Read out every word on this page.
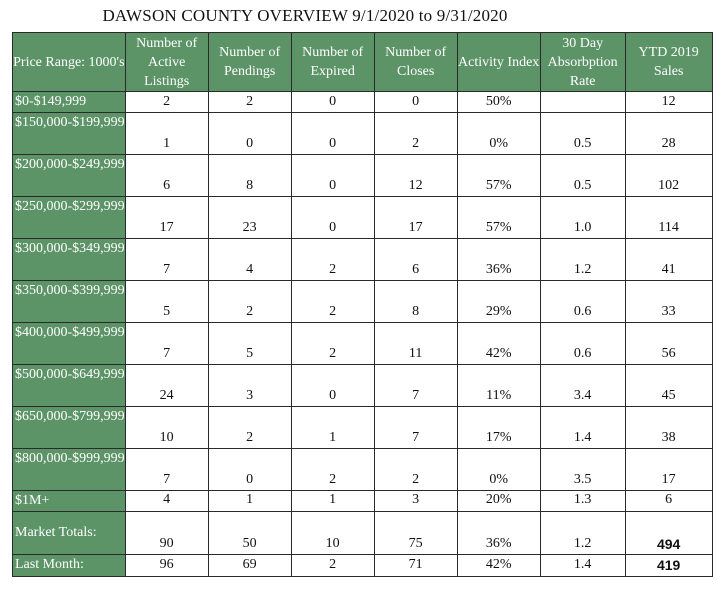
DAWSON COUNTY OVERVIEW 9/1/2020 to 9/31/2020
Price Range: 1000's	Number of Active Listings	Number of Pendings	Number of Expired	Number of Closes	Activity Index	30 Day Absorbption Rate	YTD 2019 Sales
$0-$149,999	2	2	0	0	50%		12
$150,000-$199,999	1	0	0	2	0%	0.5	28
$200,000-$249,999	6	8	0	12	57%	0.5	102
$250,000-$299,999	17	23	0	17	57%	1.0	114
$300,000-$349,999	7	4	2	6	36%	1.2	41
$350,000-$399,999	5	2	2	8	29%	0.6	33
$400,000-$499,999	7	5	2	11	42%	0.6	56
$500,000-$649,999	24	3	0	7	11%	3.4	45
$650,000-$799,999	10	2	1	7	17%	1.4	38
$800,000-$999,999	7	0	2	2	0%	3.5	17
$1M+	4	1	1	3	20%	1.3	6
Market Totals:	90	50	10	75	36%	1.2	494
Last Month:	96	69	2	71	42%	1.4	419
